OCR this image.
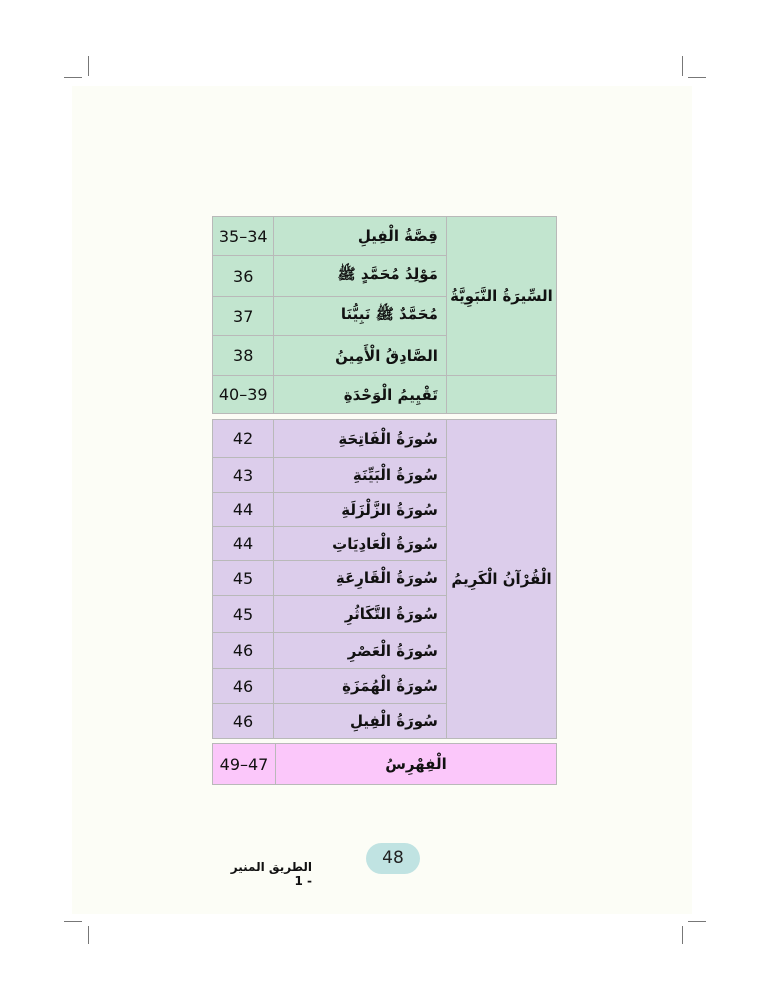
35–34	قِصَّةُ الْفِيلِ	السِّيرَةُ النَّبَوِيَّةُ
36	مَوْلِدُ مُحَمَّدٍ ﷺ	
37	مُحَمَّدٌ ﷺ نَبِيُّنَا	
38	الصَّادِقُ الْأَمِينُ	
40–39	تَقْيِيمُ الْوَحْدَةِ	
42	سُورَةُ الْفَاتِحَةِ	الْقُرْآنُ الْكَرِيمُ
43	سُورَةُ الْبَيِّنَةِ	
44	سُورَةُ الزَّلْزَلَةِ	
44	سُورَةُ الْعَادِيَاتِ	
45	سُورَةُ الْقَارِعَةِ	
45	سُورَةُ التَّكَاثُرِ	
46	سُورَةُ الْعَصْرِ	
46	سُورَةُ الْهُمَزَةِ	
46	سُورَةُ الْفِيلِ	
49–47	الْفِهْرِسُ
48
الطريق المنير - 1
